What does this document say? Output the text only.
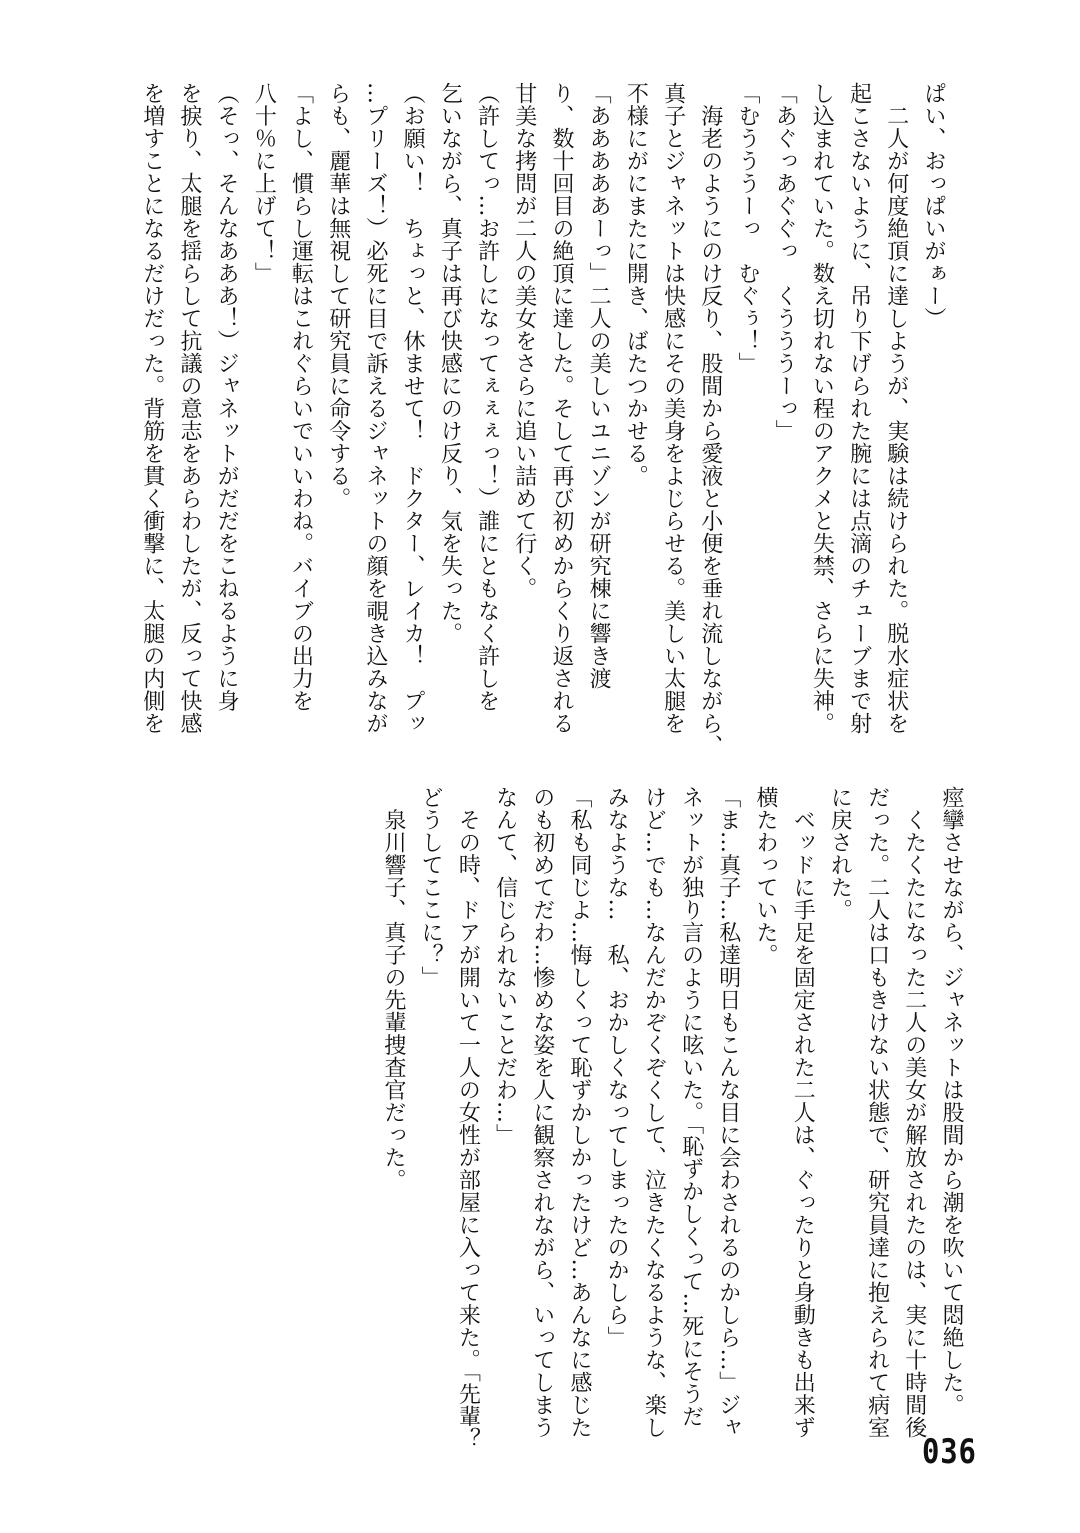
ぱい、おっぱいがぁー）
　二人が何度絶頂に達しようが、実験は続けられた。脱水症状を
起こさないように、吊り下げられた腕には点滴のチューブまで射
し込まれていた。数え切れない程のアクメと失禁、さらに失神。
「あぐっあぐぐっ　くうううーっ」
「むうううーっ　むぐぅ！」
　海老のようにのけ反り、股間から愛液と小便を垂れ流しながら、
真子とジャネットは快感にその美身をよじらせる。美しい太腿を
不様にがにまたに開き、ばたつかせる。
「あああああーっ」二人の美しいユニゾンが研究棟に響き渡
り、数十回目の絶頂に達した。そして再び初めからくり返される
甘美な拷問が二人の美女をさらに追い詰めて行く。
（許してっ…お許しになってぇぇぇっ！）誰にともなく許しを
乞いながら、真子は再び快感にのけ反り、気を失った。
（お願い！　ちょっと、休ませて！　ドクター、レイカ！　プッ
…プリーズ！）必死に目で訴えるジャネットの顔を覗き込みなが
らも、麗華は無視して研究員に命令する。
「よし、慣らし運転はこれぐらいでいいわね。バイブの出力を
八十％に上げて！」
（そっ、そんなあああ！）ジャネットがだだをこねるように身
を捩り、太腿を揺らして抗議の意志をあらわしたが、反って快感
を増すことになるだけだった。背筋を貫く衝撃に、太腿の内側を
痙攣させながら、ジャネットは股間から潮を吹いて悶絶した。
　くたくたになった二人の美女が解放されたのは、実に十時間後
だった。二人は口もきけない状態で、研究員達に抱えられて病室
に戻された。
　ベッドに手足を固定された二人は、ぐったりと身動きも出来ず
横たわっていた。
「ま…真子…私達明日もこんな目に会わされるのかしら…」ジャ
ネットが独り言のように呟いた。「恥ずかしくって…死にそうだ
けど…でも…なんだかぞくぞくして、泣きたくなるような、楽し
みなような…　私、おかしくなってしまったのかしら」
「私も同じよ…悔しくって恥ずかしかったけど…あんなに感じた
のも初めてだわ…惨めな姿を人に観察されながら、いってしまう
なんて、信じられないことだわ…」
　その時、ドアが開いて一人の女性が部屋に入って来た。「先輩？
どうしてここに？」
　泉川響子、真子の先輩捜査官だった。
036
